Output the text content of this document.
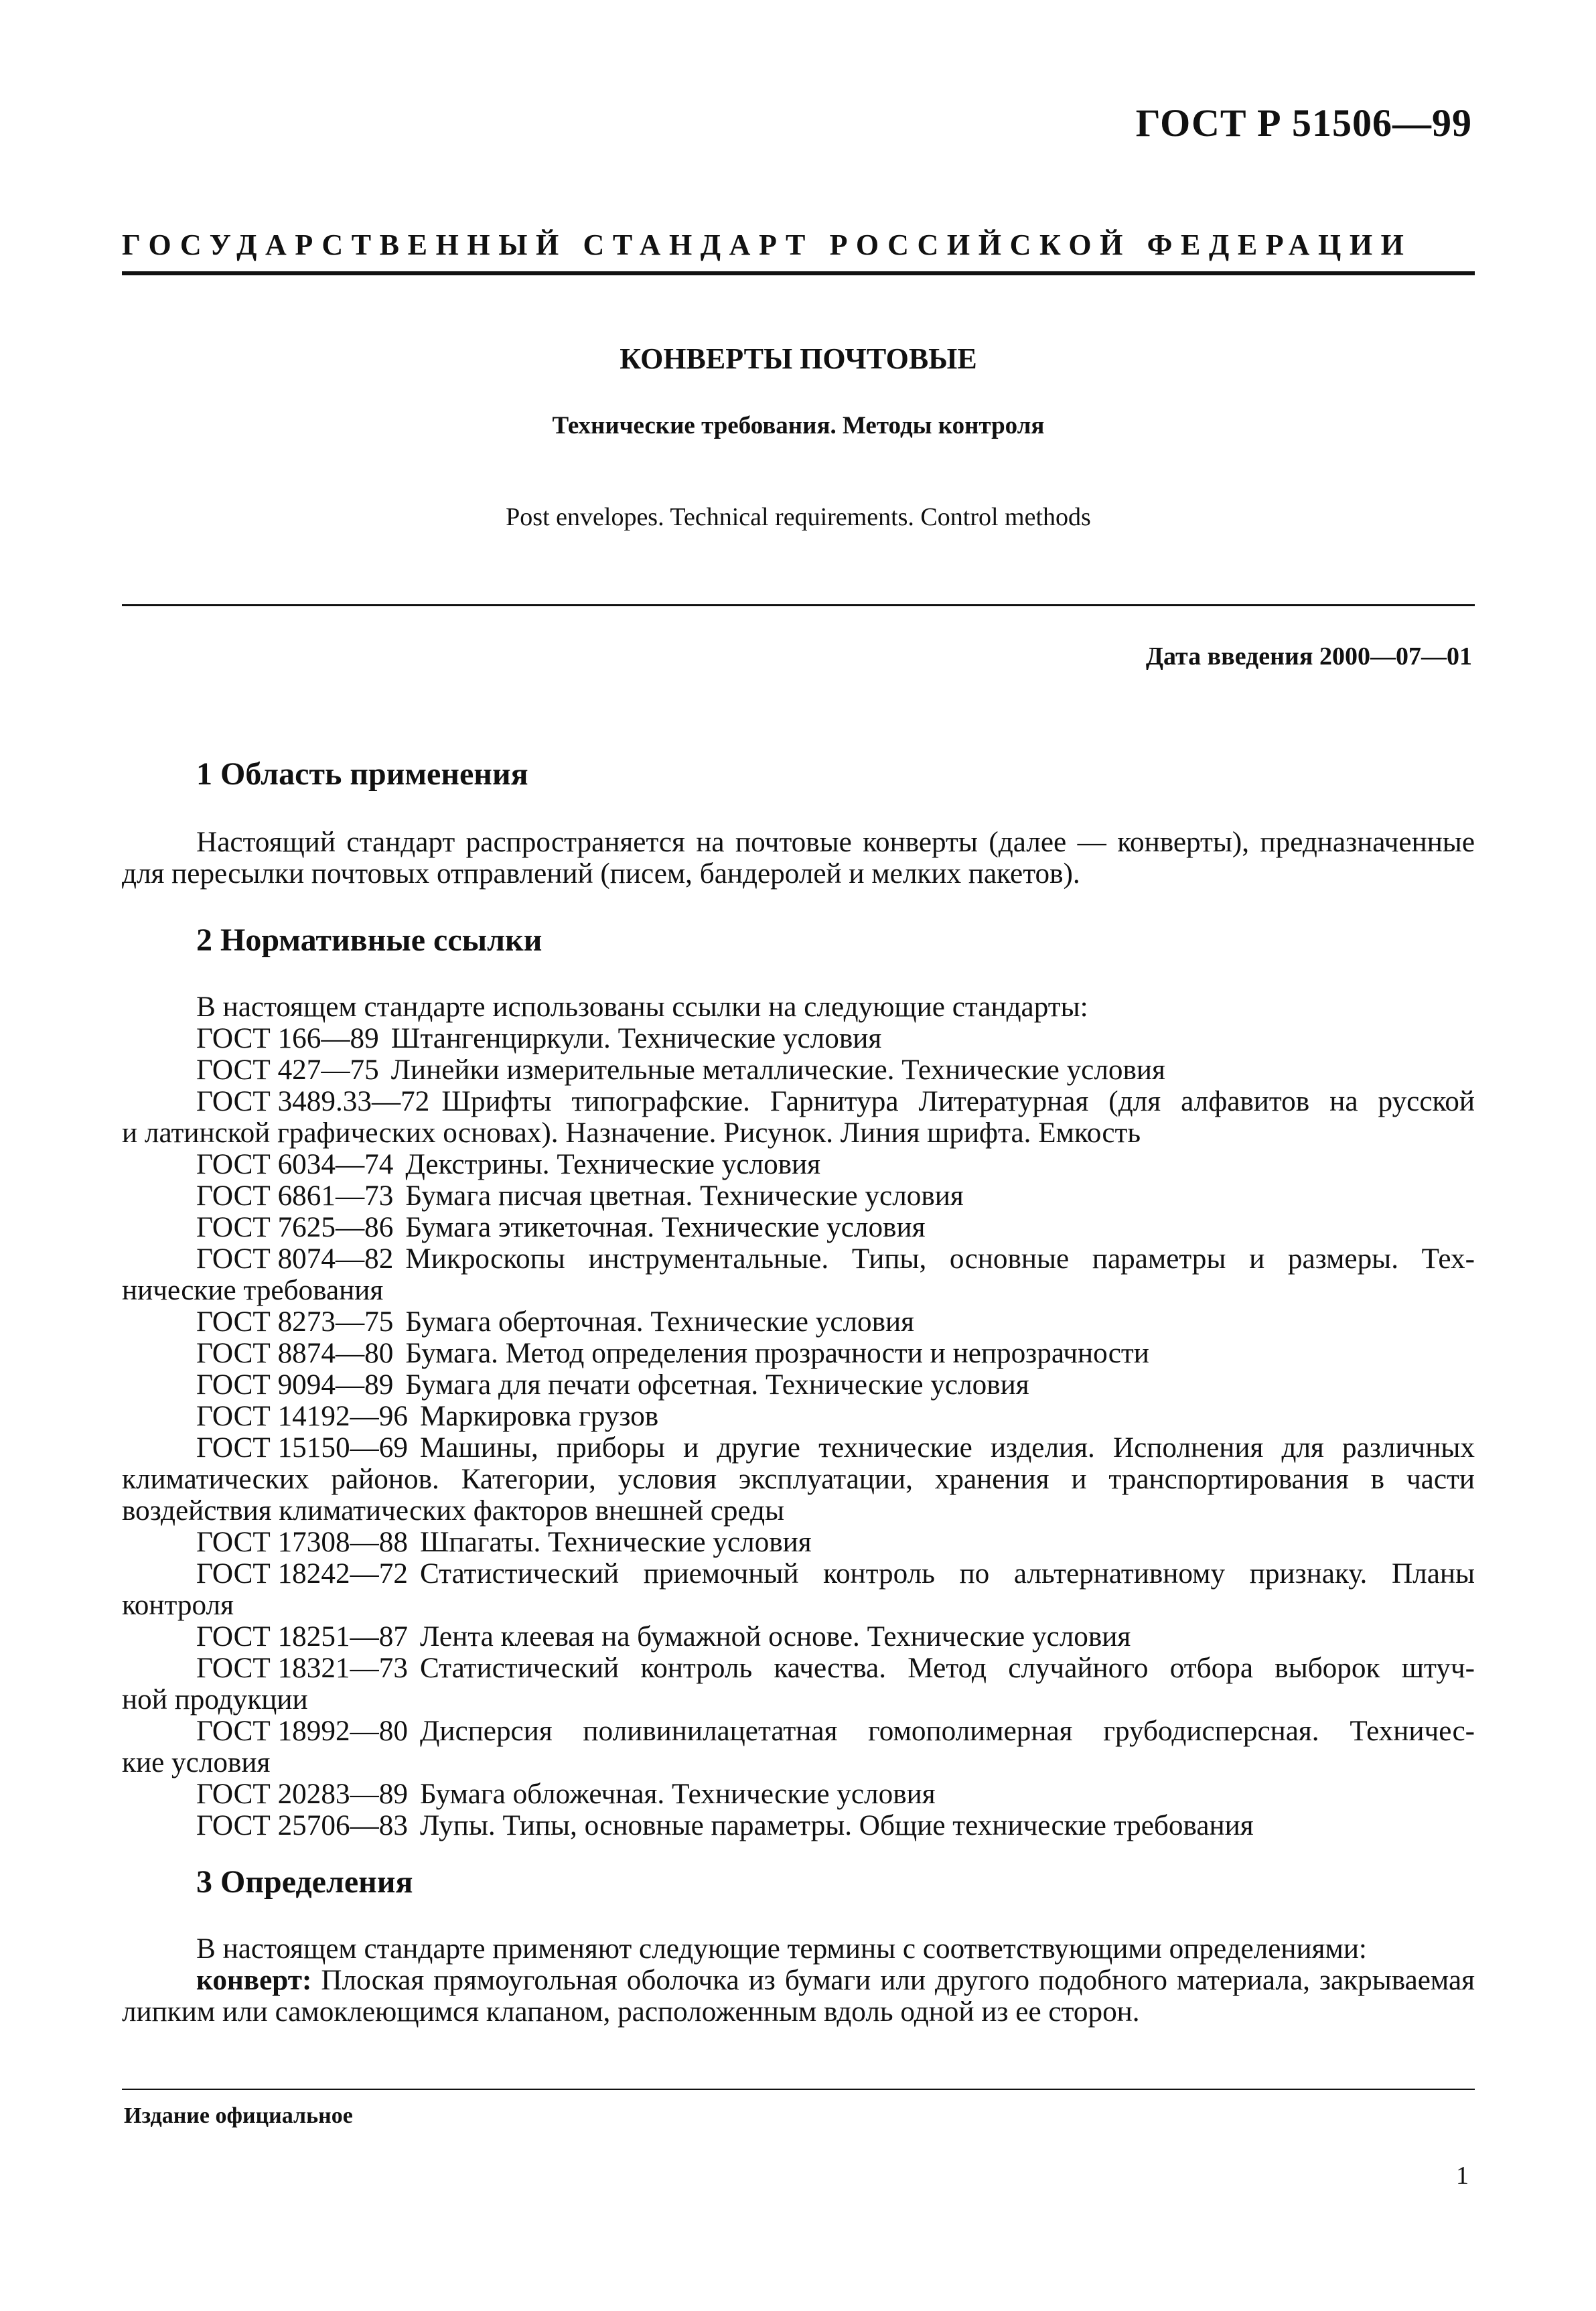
ГОСТ Р 51506—99
ГОСУДАРСТВЕННЫЙ СТАНДАРТ РОССИЙСКОЙ ФЕДЕРАЦИИ
КОНВЕРТЫ ПОЧТОВЫЕ
Технические требования. Методы контроля
Post envelopes. Technical requirements. Control methods
Дата введения 2000—07—01
1 Область применения

Настоящий стандарт распространяется на почтовые конверты (далее — конверты), предназначенные для пересылки почтовых отправлений (писем, бандеролей и мелких пакетов).

2 Нормативные ссылки

В настоящем стандарте использованы ссылки на следующие стандарты:

ГОСТ 166—89 Штангенциркули. Технические условия
ГОСТ 427—75 Линейки измерительные металлические. Технические условия
ГОСТ 3489.33—72 Шрифты типографские. Гарнитура Литературная (для алфавитов на русской
и латинской графических основах). Назначение. Рисунок. Линия шрифта. Емкость
ГОСТ 6034—74 Декстрины. Технические условия
ГОСТ 6861—73 Бумага писчая цветная. Технические условия
ГОСТ 7625—86 Бумага этикеточная. Технические условия
ГОСТ 8074—82 Микроскопы инструментальные. Типы, основные параметры и размеры. Тех-
нические требования
ГОСТ 8273—75 Бумага оберточная. Технические условия
ГОСТ 8874—80 Бумага. Метод определения прозрачности и непрозрачности
ГОСТ 9094—89 Бумага для печати офсетная. Технические условия
ГОСТ 14192—96 Маркировка грузов
ГОСТ 15150—69 Машины, приборы и другие технические изделия. Исполнения для различных
климатических районов. Категории, условия эксплуатации, хранения и транспортирования в части воздействия климатических факторов внешней среды
ГОСТ 17308—88 Шпагаты. Технические условия
ГОСТ 18242—72 Статистический приемочный контроль по альтернативному признаку. Планы
контроля
ГОСТ 18251—87 Лента клеевая на бумажной основе. Технические условия
ГОСТ 18321—73 Статистический контроль качества. Метод случайного отбора выборок штуч-
ной продукции
ГОСТ 18992—80 Дисперсия поливинилацетатная гомополимерная грубодисперсная. Техничес-
кие условия
ГОСТ 20283—89 Бумага обложечная. Технические условия
ГОСТ 25706—83 Лупы. Типы, основные параметры. Общие технические требования
3 Определения

В настоящем стандарте применяют следующие термины с соответствующими определениями:

конверт: Плоская прямоугольная оболочка из бумаги или другого подобного материала, закрываемая липким или самоклеющимся клапаном, расположенным вдоль одной из ее сторон.

Издание официальное
1
